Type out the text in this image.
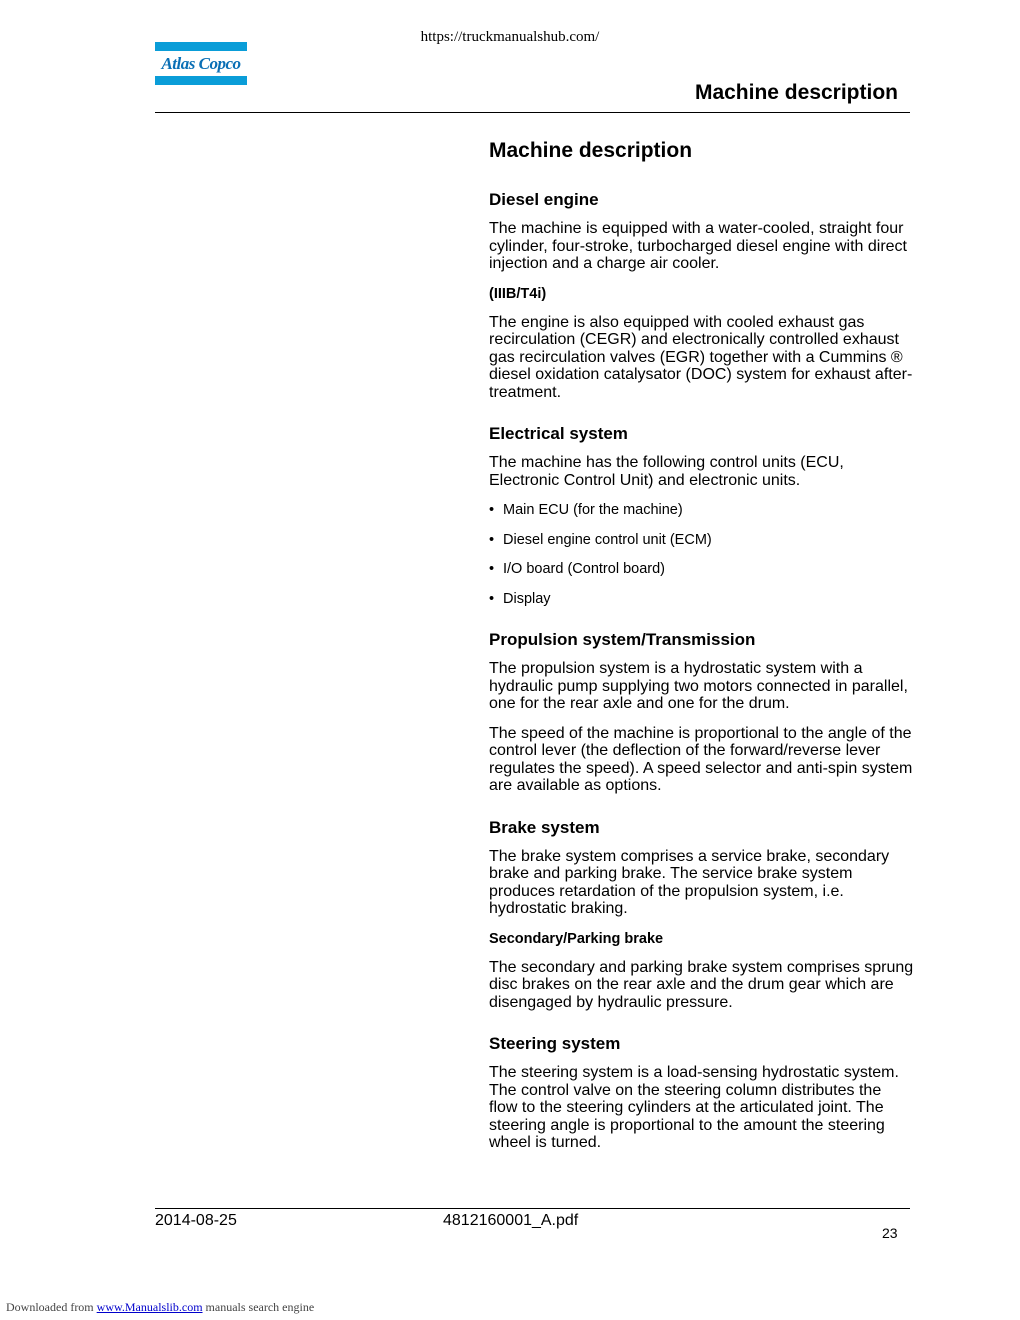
https://truckmanualshub.com/
Atlas Copco
Machine description
Machine description
Diesel engine

The machine is equipped with a water-cooled, straight four cylinder, four-stroke, turbocharged diesel engine with direct injection and a charge air cooler.

(IIIB/T4i)

The engine is also equipped with cooled exhaust gas recirculation (CEGR) and electronically controlled exhaust gas recirculation valves (EGR) together with a Cummins ® diesel oxidation catalysator (DOC) system for exhaust after-treatment.

Electrical system

The machine has the following control units (ECU, Electronic Control Unit) and electronic units.

• Main ECU (for the machine)
• Diesel engine control unit (ECM)
• I/O board (Control board)
• Display
Propulsion system/Transmission

The propulsion system is a hydrostatic system with a hydraulic pump supplying two motors connected in parallel, one for the rear axle and one for the drum.

The speed of the machine is proportional to the angle of the control lever (the deflection of the forward/reverse lever regulates the speed). A speed selector and anti-spin system are available as options.

Brake system

The brake system comprises a service brake, secondary brake and parking brake. The service brake system produces retardation of the propulsion system, i.e. hydrostatic braking.

Secondary/Parking brake

The secondary and parking brake system comprises sprung disc brakes on the rear axle and the drum gear which are disengaged by hydraulic pressure.

Steering system

The steering system is a load-sensing hydrostatic system. The control valve on the steering column distributes the flow to the steering cylinders at the articulated joint. The steering angle is proportional to the amount the steering wheel is turned.

2014-08-25	4812160001_A.pdf
23
Downloaded from www.Manualslib.com manuals search engine
